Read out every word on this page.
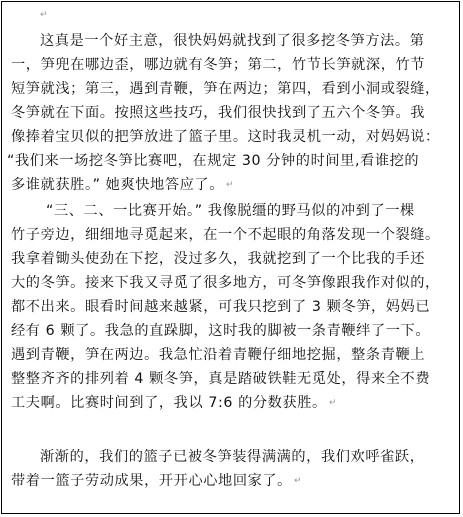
↵
这真是一个好主意，很快妈妈就找到了很多挖冬笋方法。第
一，笋兜在哪边歪，哪边就有冬笋；第二，竹节长笋就深，竹节
短笋就浅；第三，遇到青鞭，笋在两边；第四，看到小洞或裂缝，
冬笋就在下面。按照这些技巧，我们很快找到了五六个冬笋。我
像捧着宝贝似的把笋放进了篮子里。这时我灵机一动，对妈妈说：
“我们来一场挖冬笋比赛吧，在规定 30 分钟的时间里,看谁挖的
多谁就获胜。” 她爽快地答应了。 ↵
“三、二、一比赛开始。” 我像脱缰的野马似的冲到了一棵
竹子旁边，细细地寻觅起来，在一个不起眼的角落发现一个裂缝。
我拿着锄头使劲在下挖，没过多久，我就挖到了一个比我的手还
大的冬笋。接来下我又寻觅了很多地方，可冬笋像跟我作对似的，
都不出来。眼看时间越来越紧，可我只挖到了 3 颗冬笋，妈妈已
经有 6 颗了。我急的直跺脚，这时我的脚被一条青鞭绊了一下。
遇到青鞭，笋在两边。我急忙沿着青鞭仔细地挖掘，整条青鞭上
整整齐齐的排列着 4 颗冬笋，真是踏破铁鞋无觅处，得来全不费
工夫啊。比赛时间到了，我以 7:6 的分数获胜。 ↵
渐渐的，我们的篮子已被冬笋装得满满的，我们欢呼雀跃，
带着一篮子劳动成果，开开心心地回家了。 ↵
